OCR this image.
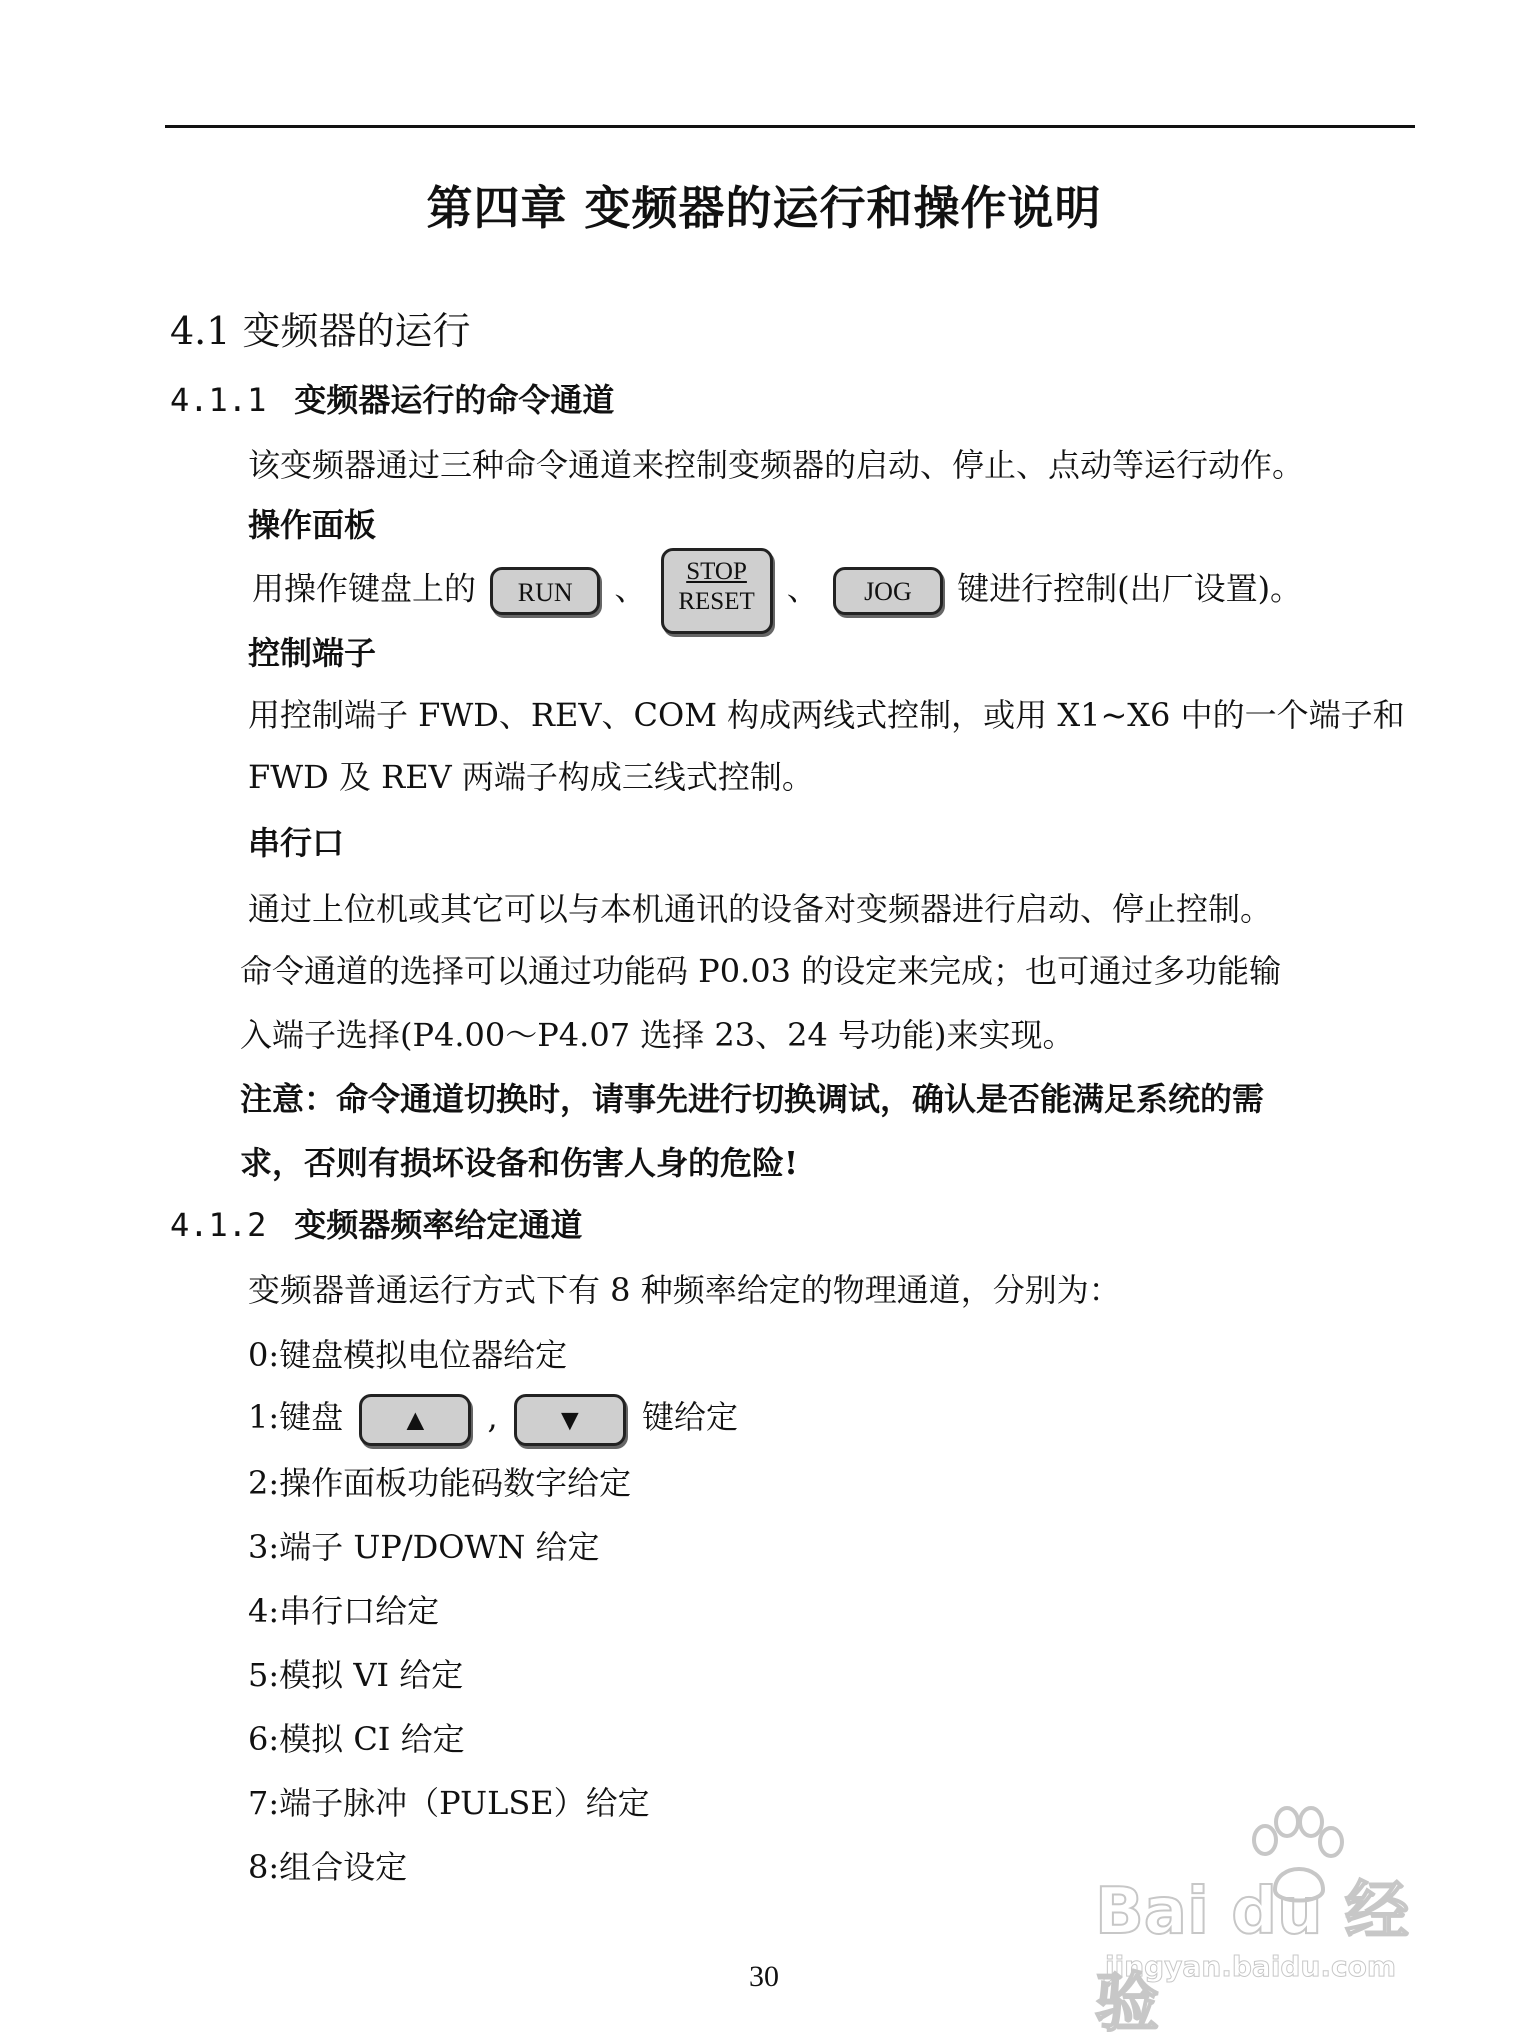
第四章 变频器的运行和操作说明
4.1 变频器的运行
4.1.1 变频器运行的命令通道
该变频器通过三种命令通道来控制变频器的启动、停止、点动等运行动作。
操作面板
用操作键盘上的 RUN 、	STOP
RESET 、 JOG 键进行控制(出厂设置)。
控制端子
用控制端子 FWD、REV、COM 构成两线式控制，或用 X1~X6 中的一个端子和
FWD 及 REV 两端子构成三线式控制。
串行口
通过上位机或其它可以与本机通讯的设备对变频器进行启动、停止控制。
命令通道的选择可以通过功能码 P0.03 的设定来完成；也可通过多功能输
入端子选择(P4.00～P4.07 选择 23、24 号功能)来实现。
注意：命令通道切换时，请事先进行切换调试，确认是否能满足系统的需
求，否则有损坏设备和伤害人身的危险!
4.1.2 变频器频率给定通道
变频器普通运行方式下有 8 种频率给定的物理通道，分别为：
0:键盘模拟电位器给定
1:键盘 ▲ , ▼ 键给定
2:操作面板功能码数字给定
3:端子 UP/DOWN 给定
4:串行口给定
5:模拟 VI 给定
6:模拟 CI 给定
7:端子脉冲（PULSE）给定
8:组合设定
Bai du 经验
jingyan.baidu.com
30
